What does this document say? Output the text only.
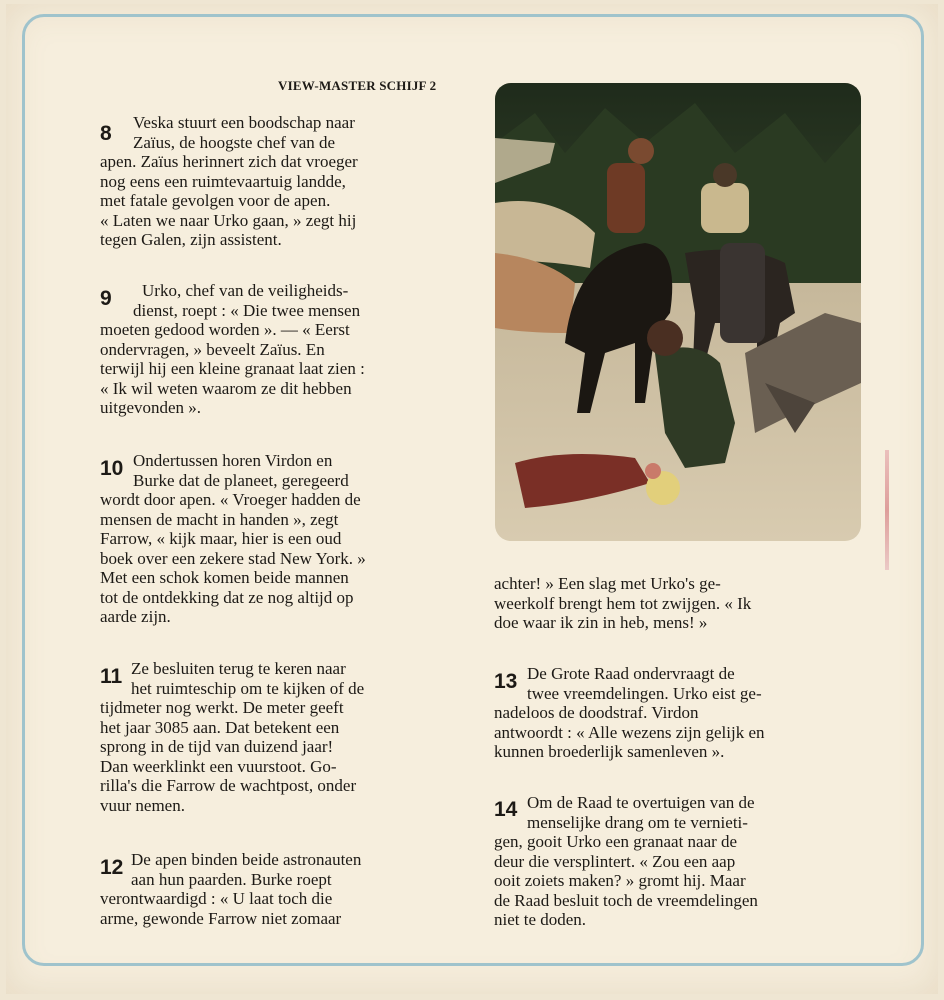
VIEW-MASTER SCHIJF 2
8	Veska stuurt een boodschap naar
Zaïus, de hoogste chef van de
apen. Zaïus herinnert zich dat vroeger
nog eens een ruimtevaartuig landde,
met fatale gevolgen voor de apen.
« Laten we naar Urko gaan, » zegt hij
tegen Galen, zijn assistent.
9	Urko, chef van de veiligheids-
dienst, roept : « Die twee mensen
moeten gedood worden ». — « Eerst
ondervragen, » beveelt Zaïus. En
terwijl hij een kleine granaat laat zien :
« Ik wil weten waarom ze dit hebben
uitgevonden ».
10 Ondertussen horen Virdon en
Burke dat de planeet, geregeerd
wordt door apen. « Vroeger hadden de
mensen de macht in handen », zegt
Farrow, « kijk maar, hier is een oud
boek over een zekere stad New York. »
Met een schok komen beide mannen
tot de ontdekking dat ze nog altijd op
aarde zijn.
11 Ze besluiten terug te keren naar
het ruimteschip om te kijken of de
tijdmeter nog werkt. De meter geeft
het jaar 3085 aan. Dat betekent een
sprong in de tijd van duizend jaar!
Dan weerklinkt een vuurstoot. Go-
rilla's die Farrow de wachtpost, onder
vuur nemen.
12 De apen binden beide astronauten
aan hun paarden. Burke roept
verontwaardigd : « U laat toch die
arme, gewonde Farrow niet zomaar
achter! » Een slag met Urko's ge-
weerkolf brengt hem tot zwijgen. « Ik
doe waar ik zin in heb, mens! »
13 De Grote Raad ondervraagt de
twee vreemdelingen. Urko eist ge-
nadeloos de doodstraf. Virdon
antwoordt : « Alle wezens zijn gelijk en
kunnen broederlijk samenleven ».
14 Om de Raad te overtuigen van de
menselijke drang om te vernieti-
gen, gooit Urko een granaat naar de
deur die versplintert. « Zou een aap
ooit zoiets maken? » gromt hij. Maar
de Raad besluit toch de vreemdelingen
niet te doden.
